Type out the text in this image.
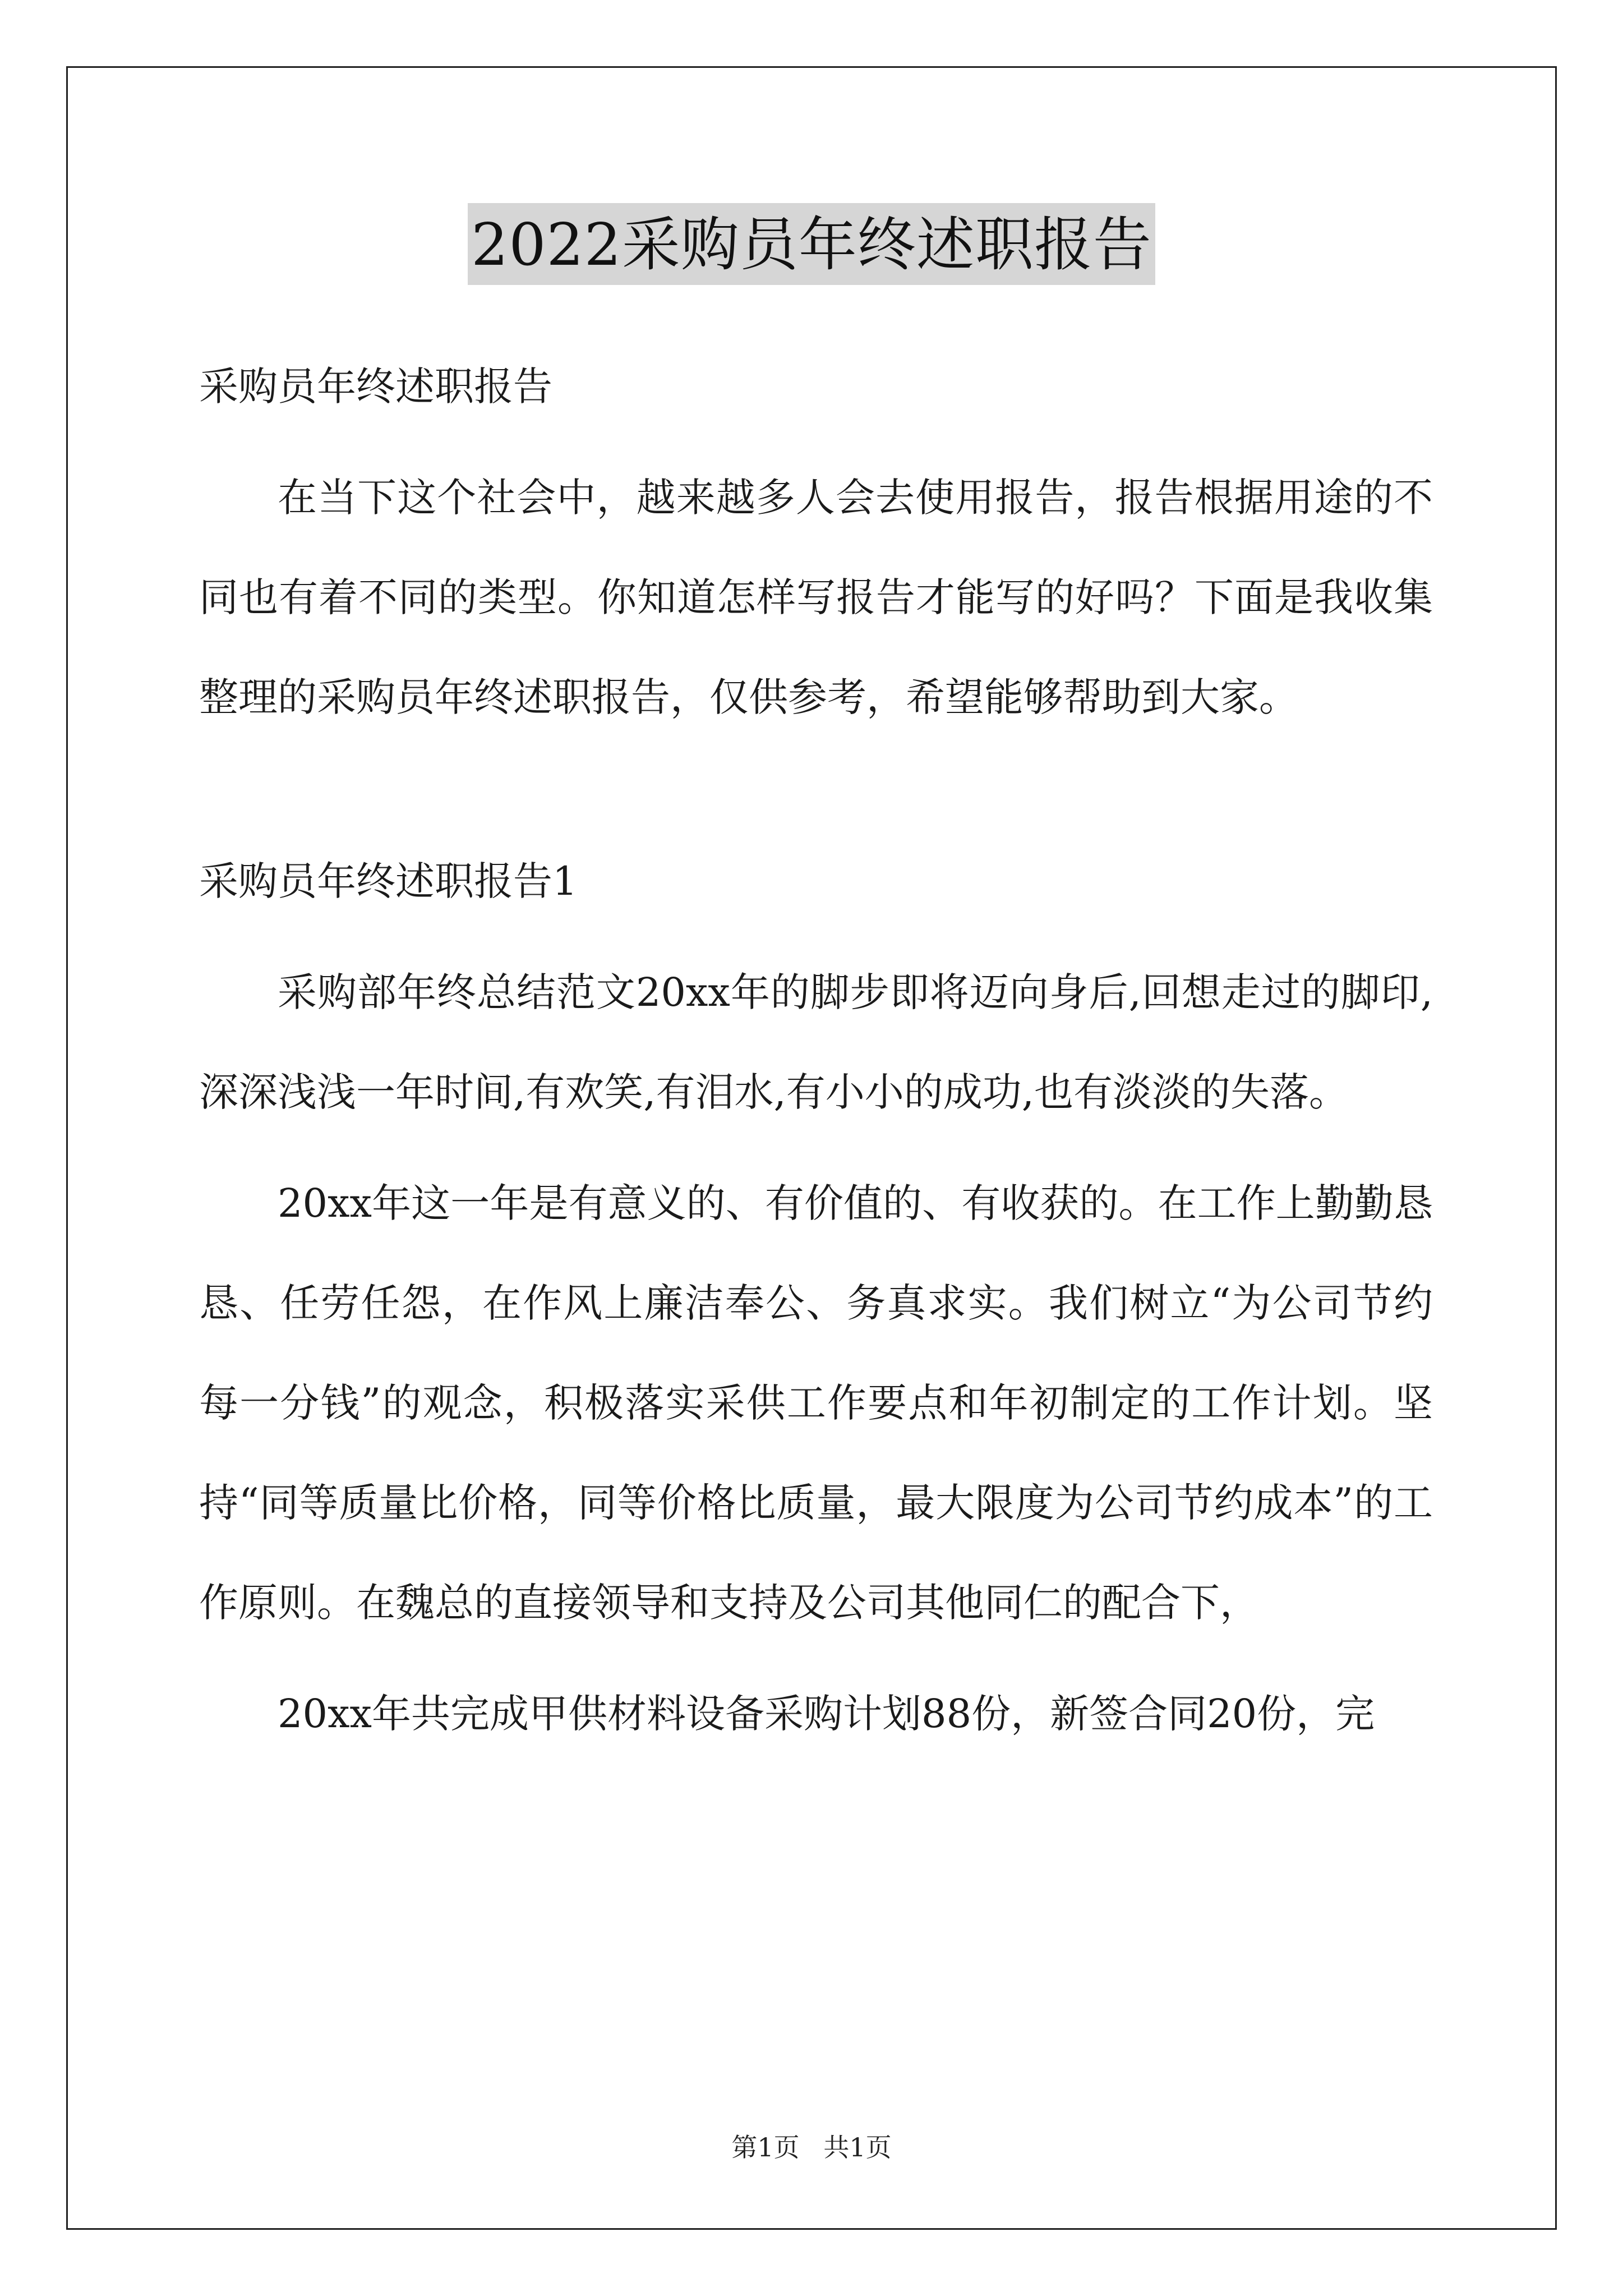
2022采购员年终述职报告

采购员年终述职报告

在当下这个社会中，越来越多人会去使用报告，报告根据用途的不同也有着不同的类型。你知道怎样写报告才能写的好吗？下面是我收集整理的采购员年终述职报告，仅供参考，希望能够帮助到大家。

采购员年终述职报告1

采购部年终总结范文20xx年的脚步即将迈向身后,回想走过的脚印,深深浅浅一年时间,有欢笑,有泪水,有小小的成功,也有淡淡的失落。

20xx年这一年是有意义的、有价值的、有收获的。在工作上勤勤恳恳、任劳任怨，在作风上廉洁奉公、务真求实。我们树立“为公司节约每一分钱”的观念，积极落实采供工作要点和年初制定的工作计划。坚持“同等质量比价格，同等价格比质量，最大限度为公司节约成本”的工作原则。在魏总的直接领导和支持及公司其他同仁的配合下，

20xx年共完成甲供材料设备采购计划88份，新签合同20份，完

第1页 共1页
